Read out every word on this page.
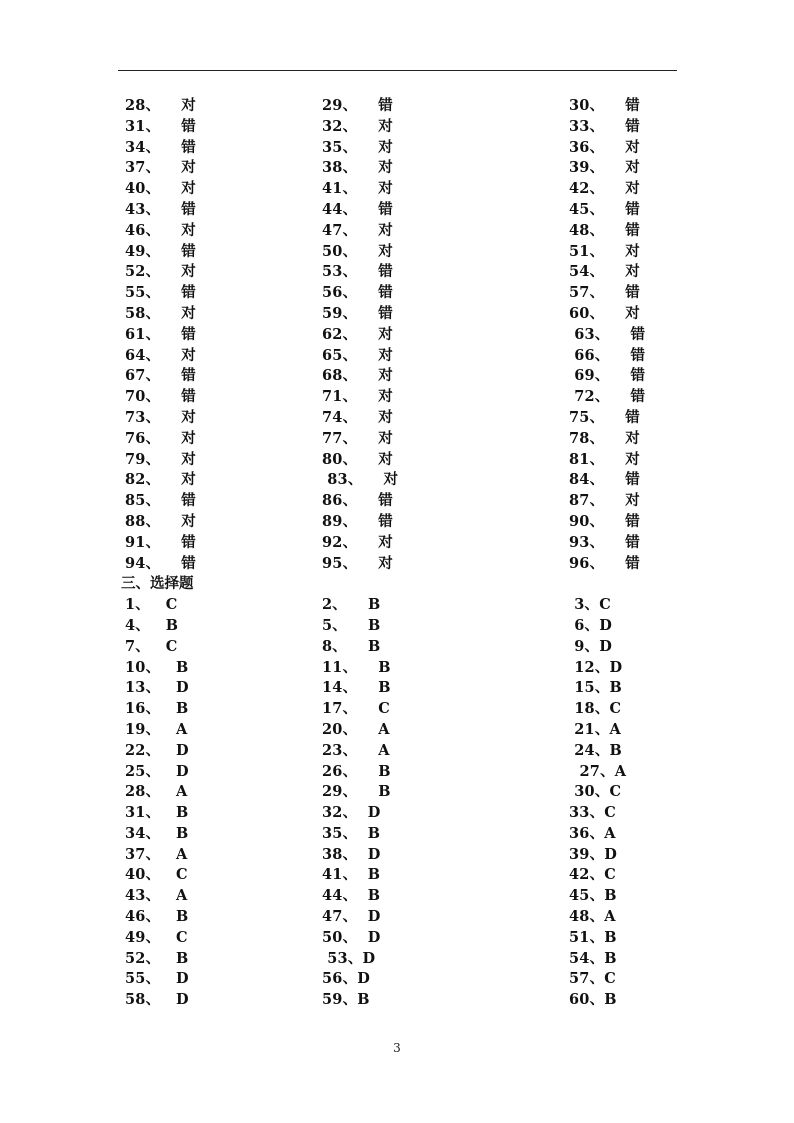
28、    对	29、    错	30、    错
31、    错	32、    对	33、    错
34、    错	35、    对	36、    对
37、    对	38、    对	39、    对
40、    对	41、    对	42、    对
43、    错	44、    错	45、    错
46、    对	47、    对	48、    错
49、    错	50、    对	51、    对
52、    对	53、    错	54、    对
55、    错	56、    错	57、    错
58、    对	59、    错	60、    对
61、    错	62、    对	63、    错
64、    对	65、    对	66、    错
67、    错	68、    对	69、    错
70、    错	71、    对	72、    错
73、    对	74、    对	75、    错
76、    对	77、    对	78、    对
79、    对	80、    对	81、    对
82、    对	83、    对	84、    错
85、    错	86、    错	87、    对
88、    对	89、    错	90、    错
91、    错	92、    对	93、    错
94、    错	95、    对	96、    错
三、选择题
1、   C	2、    B	3、C
4、   B	5、    B	6、D
7、   C	8、    B	9、D
10、   B	11、    B	12、D
13、   D	14、    B	15、B
16、   B	17、    C	18、C
19、   A	20、    A	21、A
22、   D	23、    A	24、B
25、   D	26、    B	27、A
28、   A	29、    B	30、C
31、   B	32、  D	33、C
34、   B	35、  B	36、A
37、   A	38、  D	39、D
40、   C	41、  B	42、C
43、   A	44、  B	45、B
46、   B	47、  D	48、A
49、   C	50、  D	51、B
52、   B	53、D	54、B
55、   D	56、D	57、C
58、   D	59、B	60、B
3
